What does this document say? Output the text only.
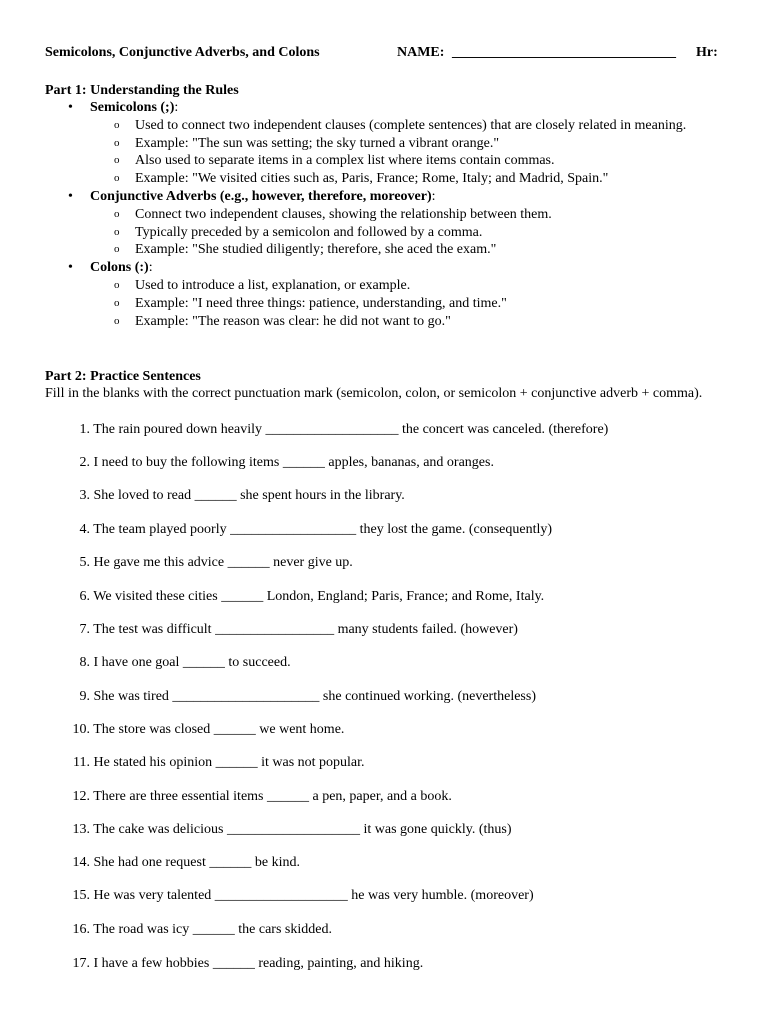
Semicolons, Conjunctive Adverbs, and Colons	NAME: ________________________________ Hr:
Part 1: Understanding the Rules
• Semicolons (;):
o Used to connect two independent clauses (complete sentences) that are closely related in meaning.
o Example: "The sun was setting; the sky turned a vibrant orange."
o Also used to separate items in a complex list where items contain commas.
o Example: "We visited cities such as, Paris, France; Rome, Italy; and Madrid, Spain."
• Conjunctive Adverbs (e.g., however, therefore, moreover):
o Connect two independent clauses, showing the relationship between them.
o Typically preceded by a semicolon and followed by a comma.
o Example: "She studied diligently; therefore, she aced the exam."
• Colons (:):
o Used to introduce a list, explanation, or example.
o Example: "I need three things: patience, understanding, and time."
o Example: "The reason was clear: he did not want to go."
Part 2: Practice Sentences
Fill in the blanks with the correct punctuation mark (semicolon, colon, or semicolon + conjunctive adverb + comma).
1. The rain poured down heavily ___________________ the concert was canceled. (therefore)
2. I need to buy the following items ______ apples, bananas, and oranges.
3. She loved to read ______ she spent hours in the library.
4. The team played poorly __________________ they lost the game. (consequently)
5. He gave me this advice ______ never give up.
6. We visited these cities ______ London, England; Paris, France; and Rome, Italy.
7. The test was difficult _________________ many students failed. (however)
8. I have one goal ______ to succeed.
9. She was tired _____________________ she continued working. (nevertheless)
10. The store was closed ______ we went home.
11. He stated his opinion ______ it was not popular.
12. There are three essential items ______ a pen, paper, and a book.
13. The cake was delicious ___________________ it was gone quickly. (thus)
14. She had one request ______ be kind.
15. He was very talented ___________________ he was very humble. (moreover)
16. The road was icy ______ the cars skidded.
17. I have a few hobbies ______ reading, painting, and hiking.
